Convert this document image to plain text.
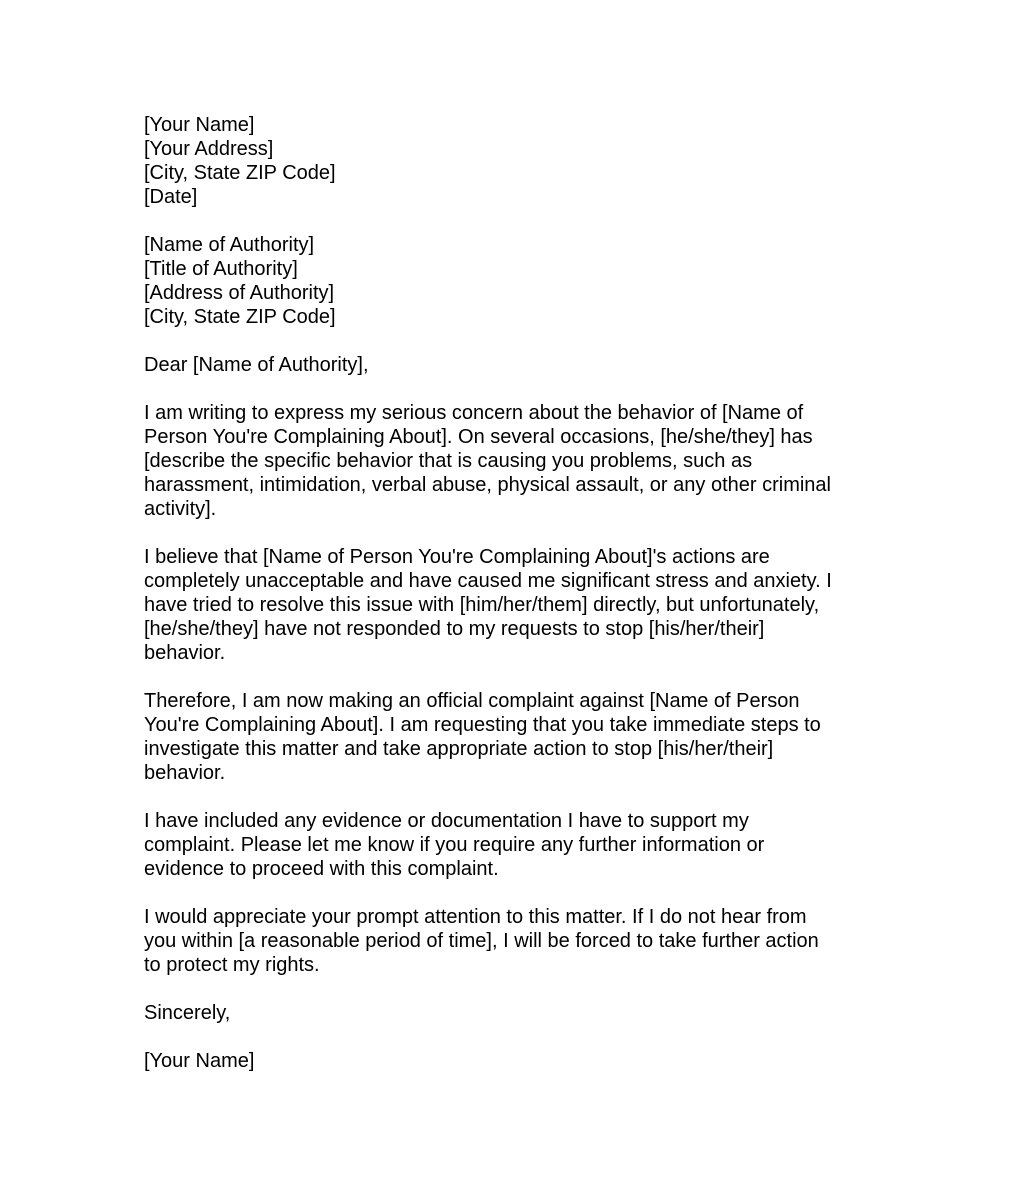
[Your Name]
[Your Address]
[City, State ZIP Code]
[Date]
[Name of Authority]
[Title of Authority]
[Address of Authority]
[City, State ZIP Code]
Dear [Name of Authority],

I am writing to express my serious concern about the behavior of [Name of
Person You're Complaining About]. On several occasions, [he/she/they] has
[describe the specific behavior that is causing you problems, such as
harassment, intimidation, verbal abuse, physical assault, or any other criminal
activity].

I believe that [Name of Person You're Complaining About]'s actions are
completely unacceptable and have caused me significant stress and anxiety. I
have tried to resolve this issue with [him/her/them] directly, but unfortunately,
[he/she/they] have not responded to my requests to stop [his/her/their]
behavior.

Therefore, I am now making an official complaint against [Name of Person
You're Complaining About]. I am requesting that you take immediate steps to
investigate this matter and take appropriate action to stop [his/her/their]
behavior.

I have included any evidence or documentation I have to support my
complaint. Please let me know if you require any further information or
evidence to proceed with this complaint.

I would appreciate your prompt attention to this matter. If I do not hear from
you within [a reasonable period of time], I will be forced to take further action
to protect my rights.

Sincerely,
[Your Name]
